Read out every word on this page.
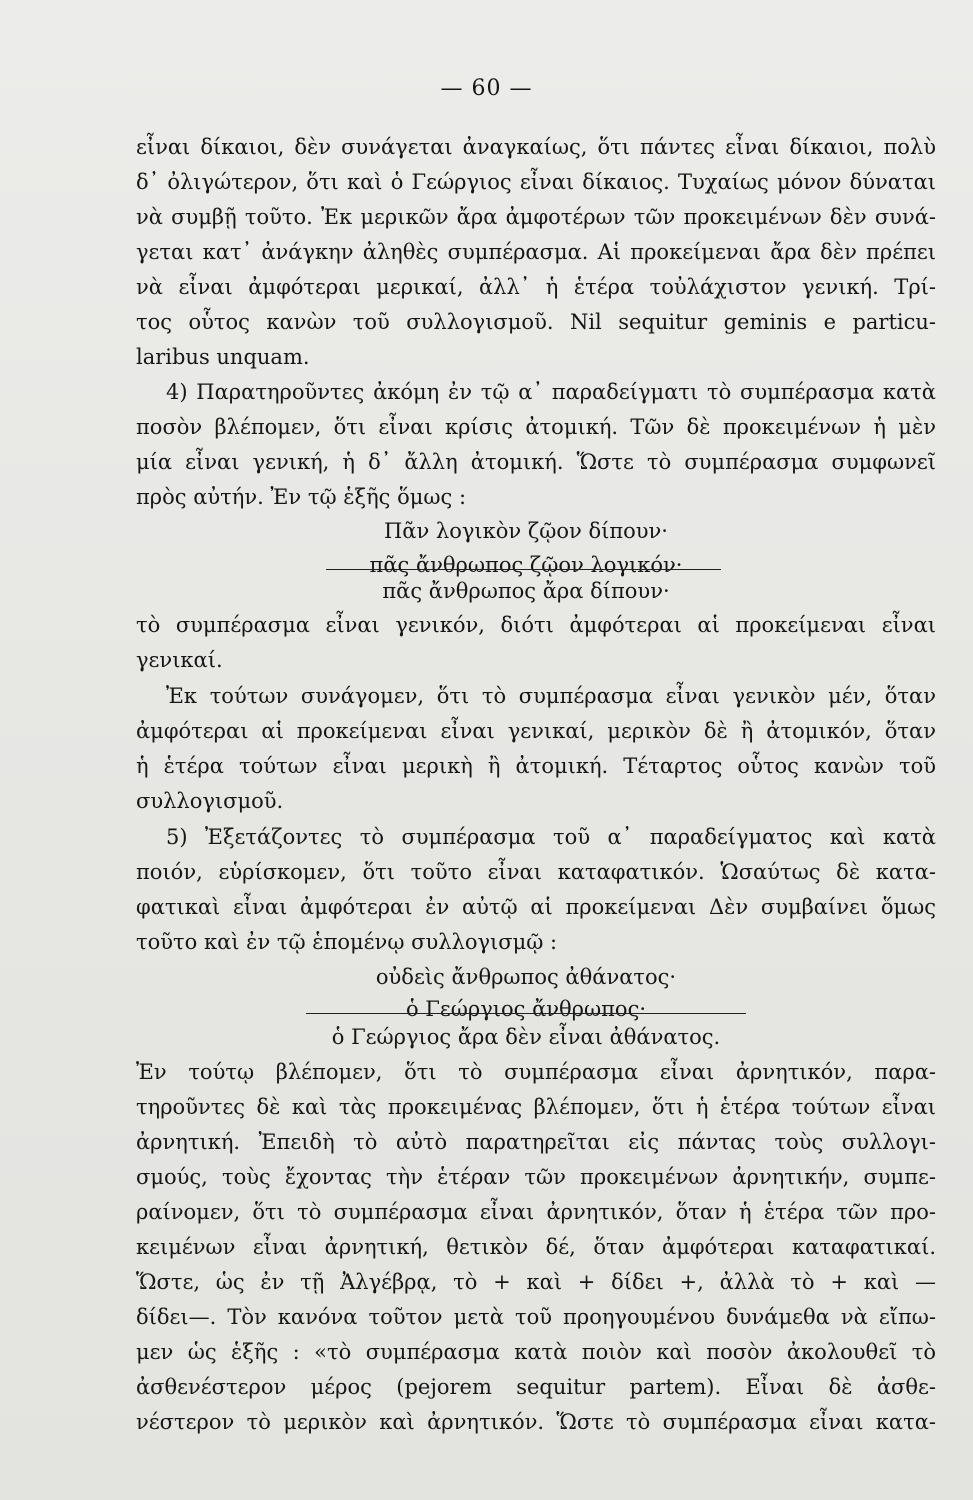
— 60 —
εἶναι δίκαιοι, δὲν συνάγεται ἀναγκαίως, ὅτι πάντες εἶναι δίκαιοι, πολὺ
δ᾽ ὀλιγώτερον, ὅτι καὶ ὁ Γεώργιος εἶναι δίκαιος. Τυχαίως μόνον δύναται
νὰ συμβῇ τοῦτο. Ἐκ μερικῶν ἄρα ἀμφοτέρων τῶν προκειμένων δὲν συνά-
γεται κατ᾽ ἀνάγκην ἀληθὲς συμπέρασμα. Αἱ προκείμεναι ἄρα δὲν πρέπει
νὰ εἶναι ἀμφότεραι μερικαί, ἀλλ᾽ ἡ ἑτέρα τοὐλάχιστον γενική. Τρί-
τος οὗτος κανὼν τοῦ συλλογισμοῦ. Nil sequitur geminis e particu-
laribus unquam.
4) Παρατηροῦντες ἀκόμη ἐν τῷ α᾽ παραδείγματι τὸ συμπέρασμα κατὰ
ποσὸν βλέπομεν, ὅτι εἶναι κρίσις ἀτομική. Τῶν δὲ προκειμένων ἡ μὲν
μία εἶναι γενική, ἡ δ᾽ ἄλλη ἀτομική. Ὥστε τὸ συμπέρασμα συμφωνεῖ
πρὸς αὐτήν. Ἐν τῷ ἑξῆς ὅμως :
Πᾶν λογικὸν ζῷον δίπουν·
πᾶς ἄνθρωπος ζῷον λογικόν·
πᾶς ἄνθρωπος ἄρα δίπουν·
τὸ συμπέρασμα εἶναι γενικόν, διότι ἀμφότεραι αἱ προκείμεναι εἶναι
γενικαί.
Ἐκ τούτων συνάγομεν, ὅτι τὸ συμπέρασμα εἶναι γενικὸν μέν, ὅταν
ἀμφότεραι αἱ προκείμεναι εἶναι γενικαί, μερικὸν δὲ ἢ ἀτομικόν, ὅταν
ἡ ἑτέρα τούτων εἶναι μερικὴ ἢ ἀτομική. Τέταρτος οὗτος κανὼν τοῦ
συλλογισμοῦ.
5) Ἐξετάζοντες τὸ συμπέρασμα τοῦ α᾽ παραδείγματος καὶ κατὰ
ποιόν, εὑρίσκομεν, ὅτι τοῦτο εἶναι καταφατικόν. Ὡσαύτως δὲ κατα-
φατικαὶ εἶναι ἀμφότεραι ἐν αὐτῷ αἱ προκείμεναι Δὲν συμβαίνει ὅμως
τοῦτο καὶ ἐν τῷ ἑπομένῳ συλλογισμῷ :
οὐδεὶς ἄνθρωπος ἀθάνατος·
ὁ Γεώργιος ἄνθρωπος·
ὁ Γεώργιος ἄρα δὲν εἶναι ἀθάνατος.
Ἐν τούτῳ βλέπομεν, ὅτι τὸ συμπέρασμα εἶναι ἀρνητικόν, παρα-
τηροῦντες δὲ καὶ τὰς προκειμένας βλέπομεν, ὅτι ἡ ἑτέρα τούτων εἶναι
ἀρνητική. Ἐπειδὴ τὸ αὐτὸ παρατηρεῖται εἰς πάντας τοὺς συλλογι-
σμούς, τοὺς ἔχοντας τὴν ἑτέραν τῶν προκειμένων ἀρνητικήν, συμπε-
ραίνομεν, ὅτι τὸ συμπέρασμα εἶναι ἀρνητικόν, ὅταν ἡ ἑτέρα τῶν προ-
κειμένων εἶναι ἀρνητική, θετικὸν δέ, ὅταν ἀμφότεραι καταφατικαί.
Ὥστε, ὡς ἐν τῇ Ἀλγέβρᾳ, τὸ + καὶ + δίδει +, ἀλλὰ τὸ + καὶ —
δίδει—. Τὸν κανόνα τοῦτον μετὰ τοῦ προηγουμένου δυνάμεθα νὰ εἴπω-
μεν ὡς ἑξῆς : «τὸ συμπέρασμα κατὰ ποιὸν καὶ ποσὸν ἀκολουθεῖ τὸ
ἀσθενέστερον μέρος (pejorem sequitur partem). Εἶναι δὲ ἀσθε-
νέστερον τὸ μερικὸν καὶ ἀρνητικόν. Ὥστε τὸ συμπέρασμα εἶναι κατα-
